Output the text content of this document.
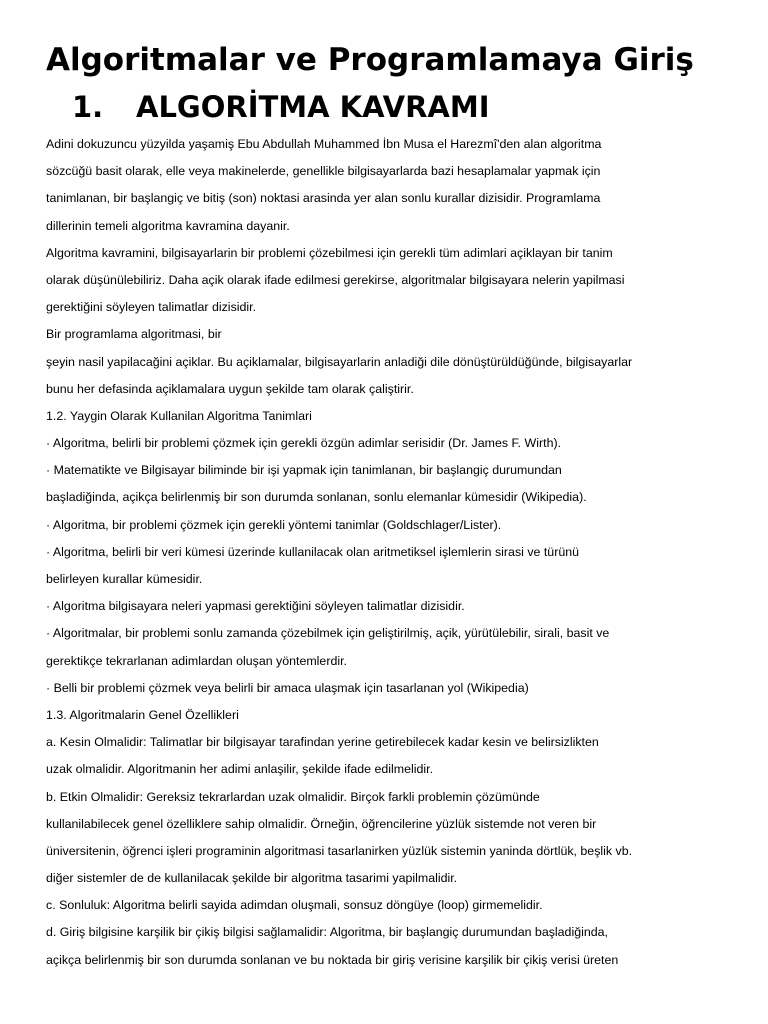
Algoritmalar ve Programlamaya Giriş
1. ALGORİTMA KAVRAMI
Adini dokuzuncu yüzyilda yaşamiş Ebu Abdullah Muhammed İbn Musa el Harezmî'den alan algoritma
sözcüğü basit olarak, elle veya makinelerde, genellikle bilgisayarlarda bazi hesaplamalar yapmak için
tanimlanan, bir başlangiç ve bitiş (son) noktasi arasinda yer alan sonlu kurallar dizisidir. Programlama
dillerinin temeli algoritma kavramina dayanir.
Algoritma kavramini, bilgisayarlarin bir problemi çözebilmesi için gerekli tüm adimlari açiklayan bir tanim
olarak düşünülebiliriz. Daha açik olarak ifade edilmesi gerekirse, algoritmalar bilgisayara nelerin yapilmasi
gerektiğini söyleyen talimatlar dizisidir.
Bir programlama algoritmasi, bir
şeyin nasil yapilacağini açiklar. Bu açiklamalar, bilgisayarlarin anladiği dile dönüştürüldüğünde, bilgisayarlar
bunu her defasinda açiklamalara uygun şekilde tam olarak çaliştirir.
1.2. Yaygin Olarak Kullanilan Algoritma Tanimlari
· Algoritma, belirli bir problemi çözmek için gerekli özgün adimlar serisidir (Dr. James F. Wirth).
· Matematikte ve Bilgisayar biliminde bir işi yapmak için tanimlanan, bir başlangiç durumundan
başladiğinda, açikça belirlenmiş bir son durumda sonlanan, sonlu elemanlar kümesidir (Wikipedia).
· Algoritma, bir problemi çözmek için gerekli yöntemi tanimlar (Goldschlager/Lister).
· Algoritma, belirli bir veri kümesi üzerinde kullanilacak olan aritmetiksel işlemlerin sirasi ve türünü
belirleyen kurallar kümesidir.
· Algoritma bilgisayara neleri yapmasi gerektiğini söyleyen talimatlar dizisidir.
· Algoritmalar, bir problemi sonlu zamanda çözebilmek için geliştirilmiş, açik, yürütülebilir, sirali, basit ve
gerektikçe tekrarlanan adimlardan oluşan yöntemlerdir.
· Belli bir problemi çözmek veya belirli bir amaca ulaşmak için tasarlanan yol (Wikipedia)
1.3. Algoritmalarin Genel Özellikleri
a. Kesin Olmalidir: Talimatlar bir bilgisayar tarafindan yerine getirebilecek kadar kesin ve belirsizlikten
uzak olmalidir. Algoritmanin her adimi anlaşilir, şekilde ifade edilmelidir.
b. Etkin Olmalidir: Gereksiz tekrarlardan uzak olmalidir. Birçok farkli problemin çözümünde
kullanilabilecek genel özelliklere sahip olmalidir. Örneğin, öğrencilerine yüzlük sistemde not veren bir
üniversitenin, öğrenci işleri programinin algoritmasi tasarlanirken yüzlük sistemin yaninda dörtlük, beşlik vb.
diğer sistemler de de kullanilacak şekilde bir algoritma tasarimi yapilmalidir.
c. Sonluluk: Algoritma belirli sayida adimdan oluşmali, sonsuz döngüye (loop) girmemelidir.
d. Giriş bilgisine karşilik bir çikiş bilgisi sağlamalidir: Algoritma, bir başlangiç durumundan başladiğinda,
açikça belirlenmiş bir son durumda sonlanan ve bu noktada bir giriş verisine karşilik bir çikiş verisi üreten
